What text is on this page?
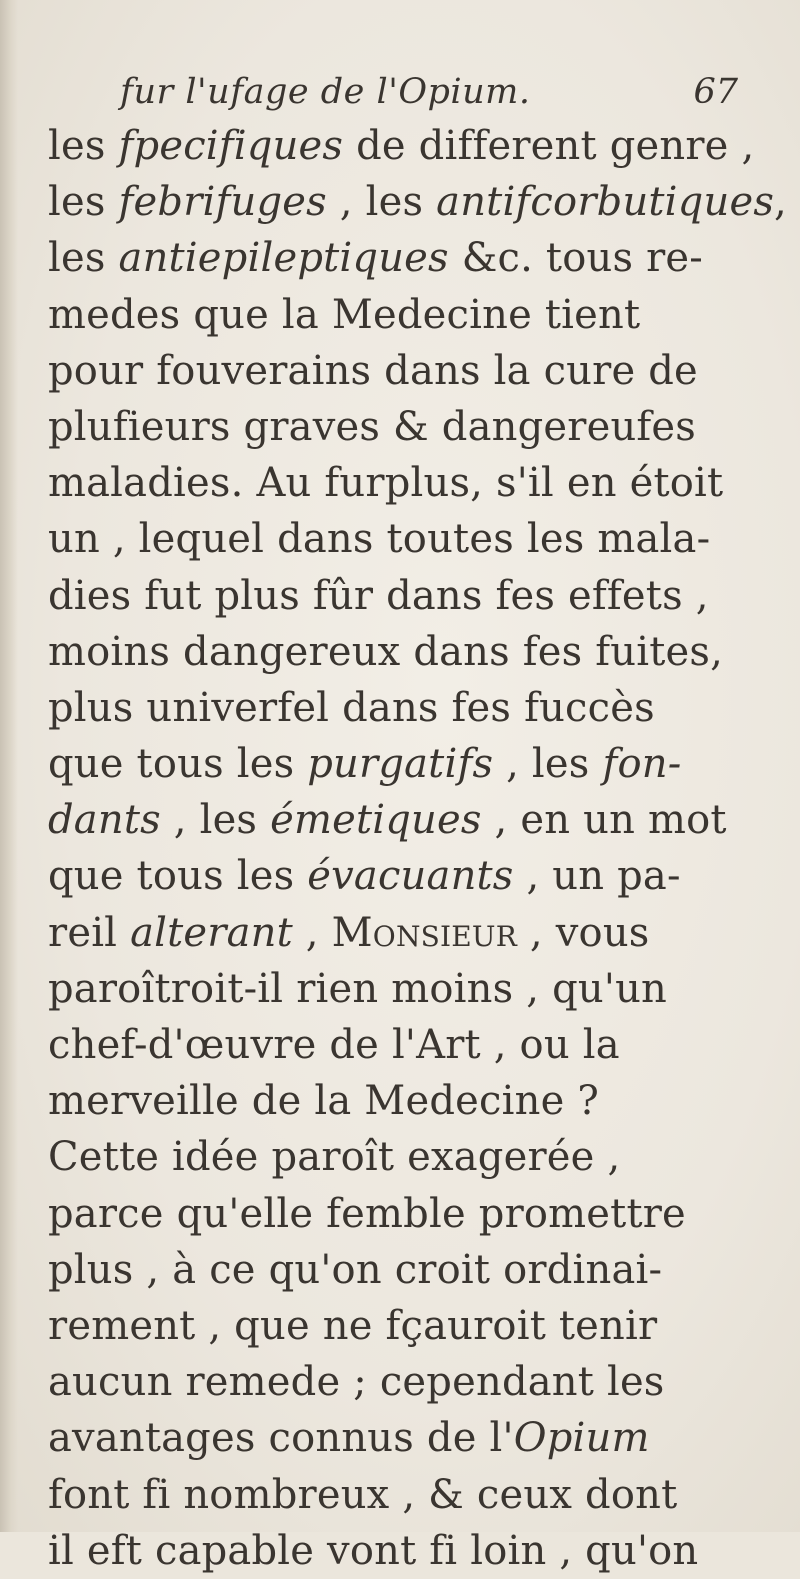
fur l'ufage de l'Opium.	67
les fpecifiques de different genre ,
les febrifuges , les antifcorbutiques,
les antiepileptiques &c. tous re-
medes que la Medecine tient
pour fouverains dans la cure de
plufieurs graves & dangereufes
maladies. Au furplus, s'il en étoit
un , lequel dans toutes les mala-
dies fut plus fûr dans fes effets ,
moins dangereux dans fes fuites,
plus univerfel dans fes fuccès
que tous les purgatifs , les fon-
dants , les émetiques , en un mot
que tous les évacuants , un pa-
reil alterant , Monsieur , vous
paroîtroit-il rien moins , qu'un
chef-d'œuvre de l'Art , ou la
merveille de la Medecine ?
Cette idée paroît exagerée ,
parce qu'elle femble promettre
plus , à ce qu'on croit ordinai-
rement , que ne fçauroit tenir
aucun remede ; cependant les
avantages connus de l'Opium
font fi nombreux , & ceux dont
il eft capable vont fi loin , qu'on
